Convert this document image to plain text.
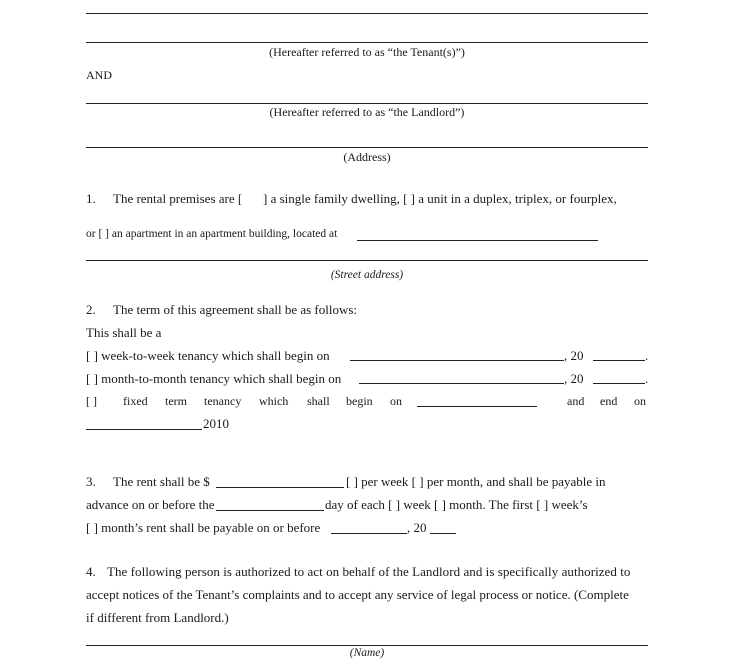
(Hereafter referred to as “the Tenant(s)”)
AND
(Hereafter referred to as “the Landlord”)
(Address)
1. The rental premises are [ ] a single family dwelling, [ ] a unit in a duplex, triplex, or fourplex,
or [ ] an apartment in an apartment building, located at
(Street address)
2. The term of this agreement shall be as follows:
This shall be a
[ ] week-to-week tenancy which shall begin on	, 20	.
[ ] month-to-month tenancy which shall begin on	, 20	.
[ ] fixed term tenancy which shall begin on	and end on
2010
3. The rent shall be $	[ ] per week [ ] per month, and shall be payable in
advance on or before the	day of each [ ] week [ ] month. The first [ ] week’s
[ ] month’s rent shall be payable on or before	, 20
4. The following person is authorized to act on behalf of the Landlord and is specifically authorized to
accept notices of the Tenant’s complaints and to accept any service of legal process or notice. (Complete
if different from Landlord.)
(Name)
